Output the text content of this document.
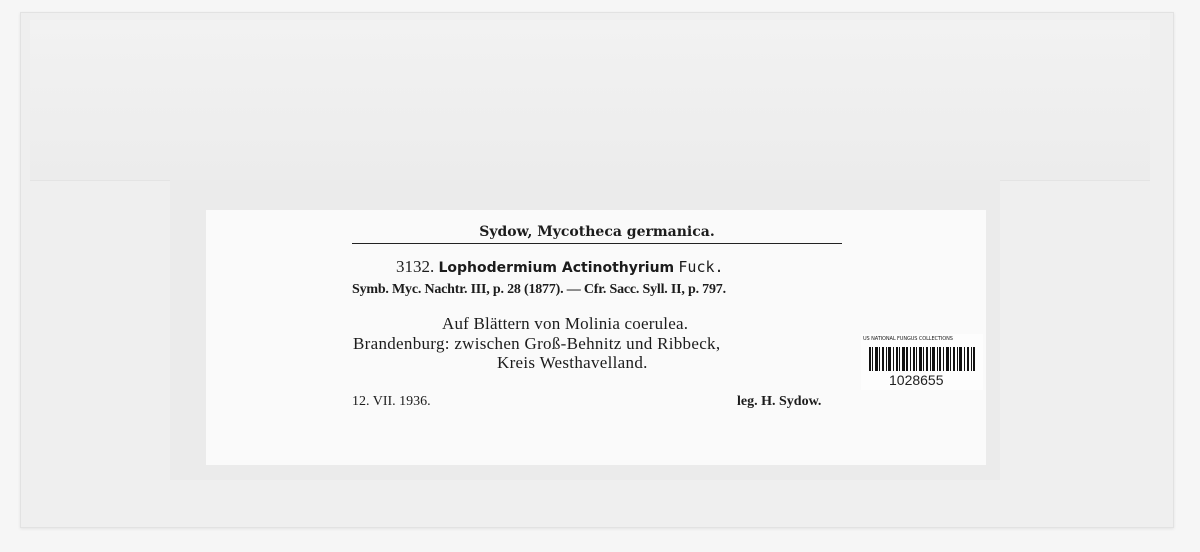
Sydow, Mycotheca germanica.
3132. Lophodermium Actinothyrium Fuck.
Symb. Myc. Nachtr. III, p. 28 (1877). — Cfr. Sacc. Syll. II, p. 797.
Auf Blättern von Molinia coerulea.
Brandenburg: zwischen Groß-Behnitz und Ribbeck,
Kreis Westhavelland.
12. VII. 1936.	leg. H. Sydow.
US NATIONAL FUNGUS COLLECTIONS
1028655
